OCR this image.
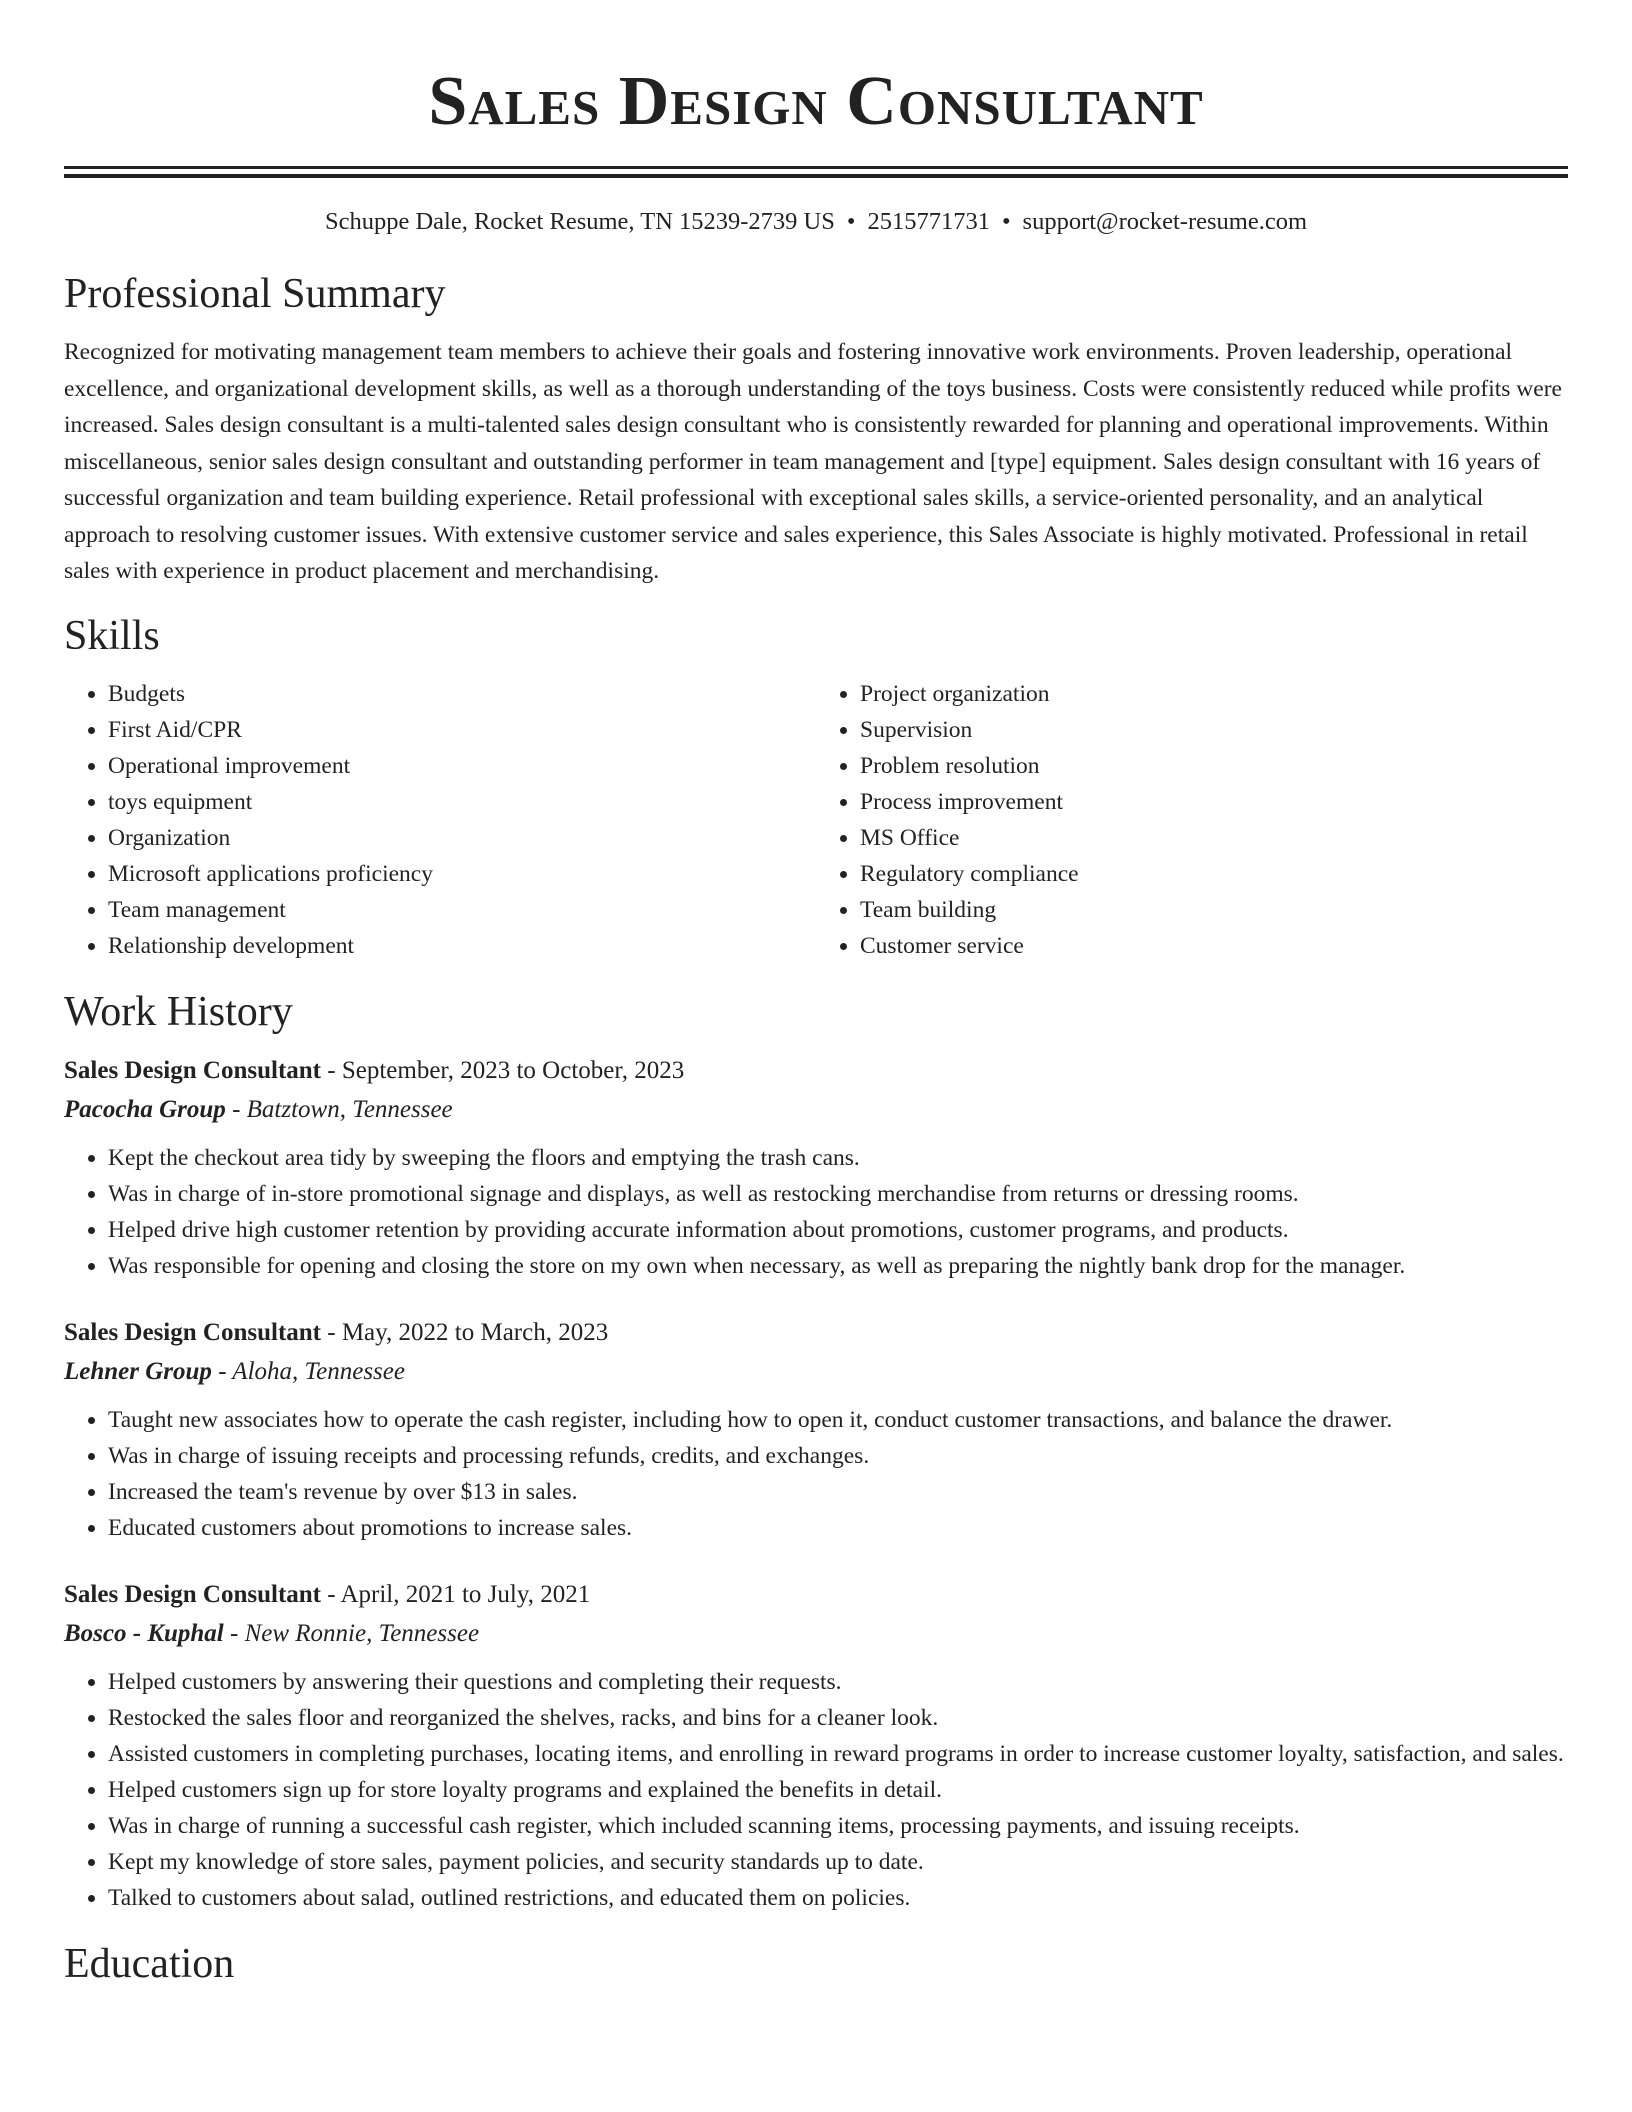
Sales Design Consultant
Schuppe Dale, Rocket Resume, TN 15239-2739 US • 2515771731 • support@rocket-resume.com
Professional Summary

Recognized for motivating management team members to achieve their goals and fostering innovative work environments. Proven leadership, operational excellence, and organizational development skills, as well as a thorough understanding of the toys business. Costs were consistently reduced while profits were increased. Sales design consultant is a multi-talented sales design consultant who is consistently rewarded for planning and operational improvements. Within miscellaneous, senior sales design consultant and outstanding performer in team management and [type] equipment. Sales design consultant with 16 years of successful organization and team building experience. Retail professional with exceptional sales skills, a service-oriented personality, and an analytical approach to resolving customer issues. With extensive customer service and sales experience, this Sales Associate is highly motivated. Professional in retail sales with experience in product placement and merchandising.

Skills
• Budgets
• First Aid/CPR
• Operational improvement
• toys equipment
• Organization
• Microsoft applications proficiency
• Team management
• Relationship development
• Project organization
• Supervision
• Problem resolution
• Process improvement
• MS Office
• Regulatory compliance
• Team building
• Customer service
Work History
Sales Design Consultant - September, 2023 to October, 2023
Pacocha Group - Batztown, Tennessee
• Kept the checkout area tidy by sweeping the floors and emptying the trash cans.
• Was in charge of in-store promotional signage and displays, as well as restocking merchandise from returns or dressing rooms.
• Helped drive high customer retention by providing accurate information about promotions, customer programs, and products.
• Was responsible for opening and closing the store on my own when necessary, as well as preparing the nightly bank drop for the manager.
Sales Design Consultant - May, 2022 to March, 2023
Lehner Group - Aloha, Tennessee
• Taught new associates how to operate the cash register, including how to open it, conduct customer transactions, and balance the drawer.
• Was in charge of issuing receipts and processing refunds, credits, and exchanges.
• Increased the team's revenue by over $13 in sales.
• Educated customers about promotions to increase sales.
Sales Design Consultant - April, 2021 to July, 2021
Bosco - Kuphal - New Ronnie, Tennessee
• Helped customers by answering their questions and completing their requests.
• Restocked the sales floor and reorganized the shelves, racks, and bins for a cleaner look.
• Assisted customers in completing purchases, locating items, and enrolling in reward programs in order to increase customer loyalty, satisfaction, and sales.
• Helped customers sign up for store loyalty programs and explained the benefits in detail.
• Was in charge of running a successful cash register, which included scanning items, processing payments, and issuing receipts.
• Kept my knowledge of store sales, payment policies, and security standards up to date.
• Talked to customers about salad, outlined restrictions, and educated them on policies.
Education
